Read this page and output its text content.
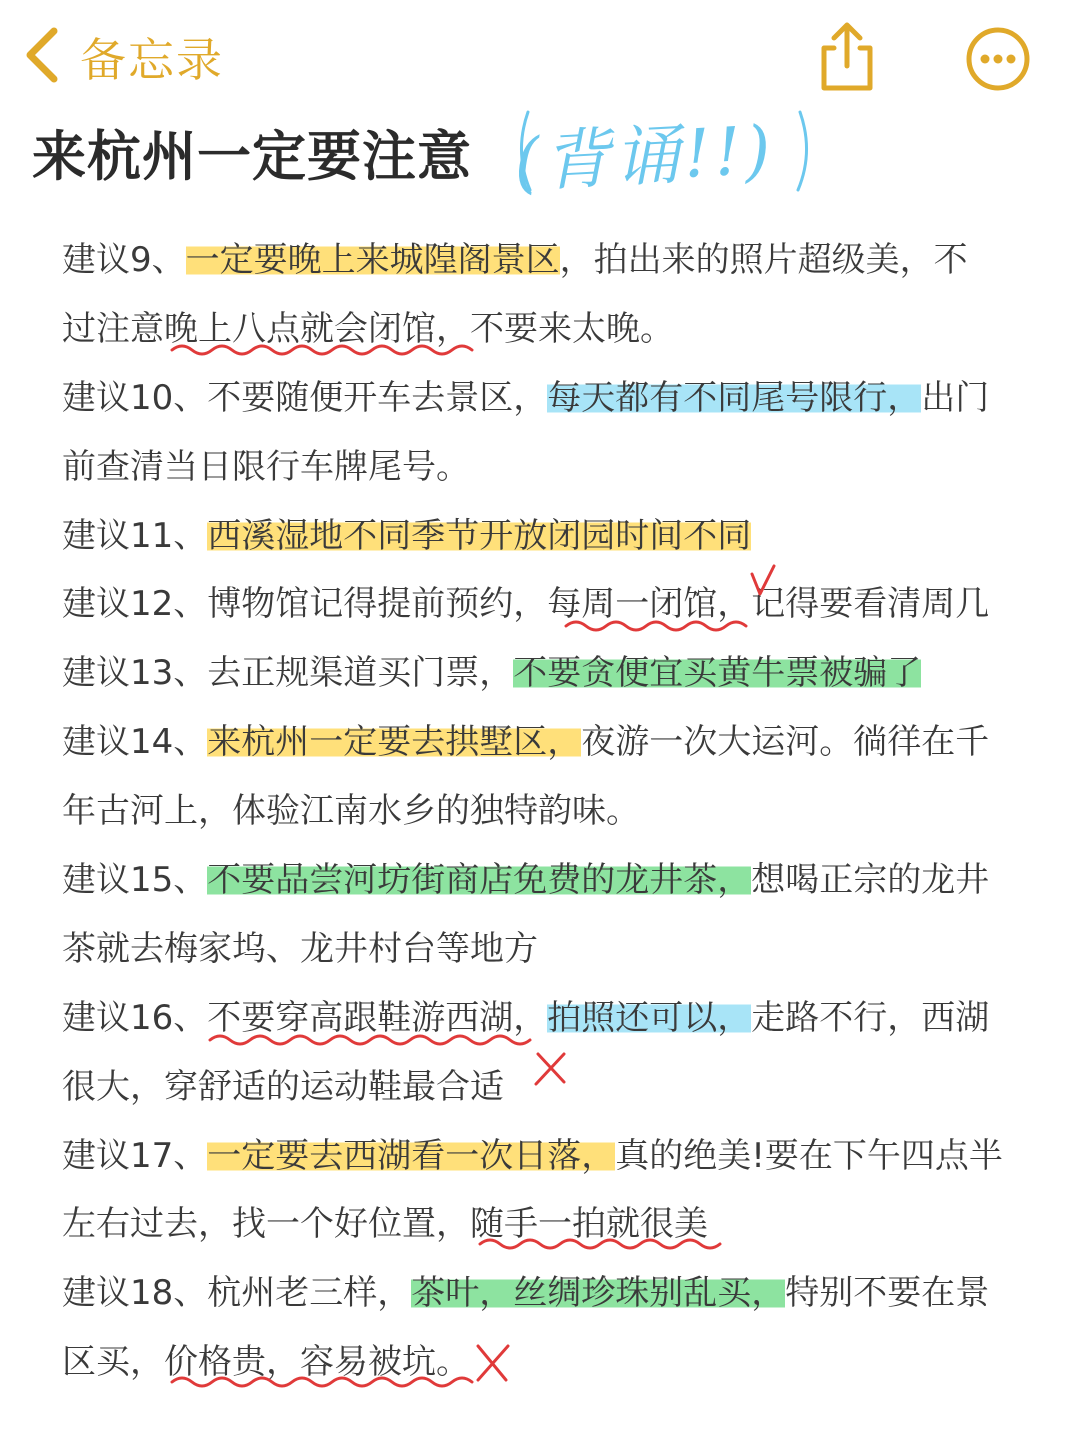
备忘录
来杭州一定要注意 (背诵!!)
建议9、一定要晚上来城隍阁景区，拍出来的照片超级美，不
过注意晚上八点就会闭馆，不要来太晚。
建议10、不要随便开车去景区，每天都有不同尾号限行，出门
前查清当日限行车牌尾号。
建议11、西溪湿地不同季节开放闭园时间不同
建议12、博物馆记得提前预约，每周一闭馆，记得要看清周几
建议13、去正规渠道买门票，不要贪便宜买黄牛票被骗了
建议14、来杭州一定要去拱墅区，夜游一次大运河。徜徉在千
年古河上，体验江南水乡的独特韵味。
建议15、不要品尝河坊街商店免费的龙井茶，想喝正宗的龙井
茶就去梅家坞、龙井村台等地方
建议16、不要穿高跟鞋游西湖，拍照还可以，走路不行，西湖
很大，穿舒适的运动鞋最合适
建议17、一定要去西湖看一次日落，真的绝美!要在下午四点半
左右过去，找一个好位置，随手一拍就很美
建议18、杭州老三样，茶叶，丝绸珍珠别乱买，特别不要在景
区买，价格贵，容易被坑。
